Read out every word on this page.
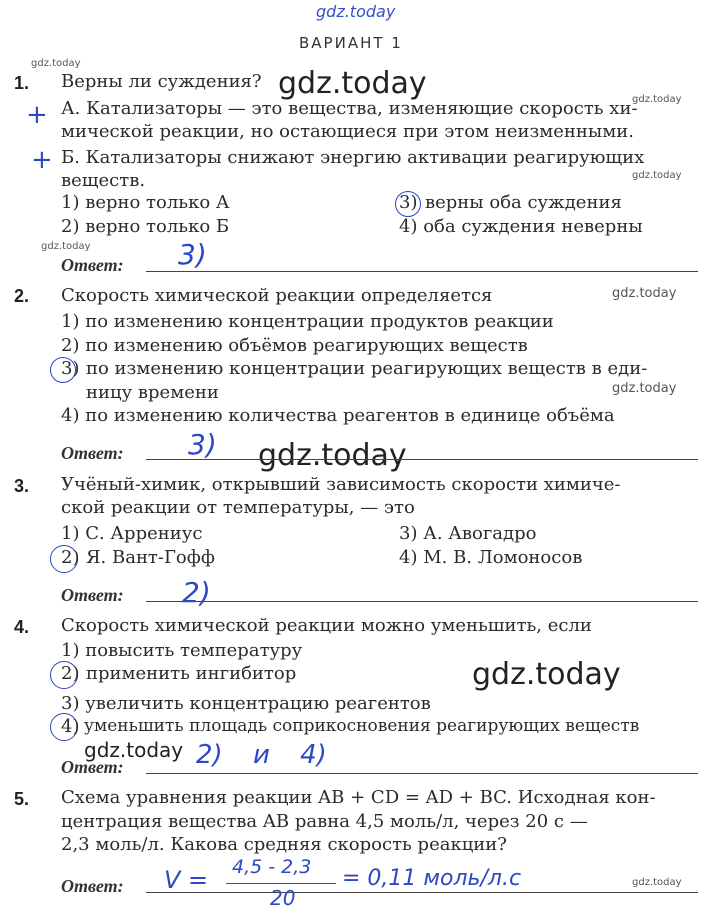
gdz.today
gdz.today
gdz.today
gdz.today
gdz.today
gdz.today
gdz.today
gdz.today
gdz.today
gdz.today
gdz.today
gdz.today
ВАРИАНТ 1
1. Верны ли суждения?
+ А. Катализаторы — это вещества, изменяющие скорость хи-
мической реакции, но остающиеся при этом неизменными.
+ Б. Катализаторы снижают энергию активации реагирующих
веществ.
1) верно только А
2) верно только Б
3) верны оба суждения
4) оба суждения неверны
Ответ: 3)
2. Скорость химической реакции определяется
1) по изменению концентрации продуктов реакции
2) по изменению объёмов реагирующих веществ
3) по изменению концентрации реагирующих веществ в еди-
ницу времени
4) по изменению количества реагентов в единице объёма
Ответ: 3)
3. Учёный-химик, открывший зависимость скорости химиче-
ской реакции от температуры, — это
1) С. Аррениус
2) Я. Вант-Гофф
3) А. Авогадро
4) М. В. Ломоносов
Ответ: 2)
4. Скорость химической реакции можно уменьшить, если
1) повысить температуру
2) применить ингибитор
3) увеличить концентрацию реагентов
4) уменьшить площадь соприкосновения реагирующих веществ
Ответ:	2) и 4)
5. Схема уравнения реакции AB + CD = AD + BC. Исходная кон-
центрация вещества AB равна 4,5 моль/л, через 20 с —
2,3 моль/л. Какова средняя скорость реакции?
Ответ: V = 4,5 - 2,3
20
= 0,11 моль/л.с
